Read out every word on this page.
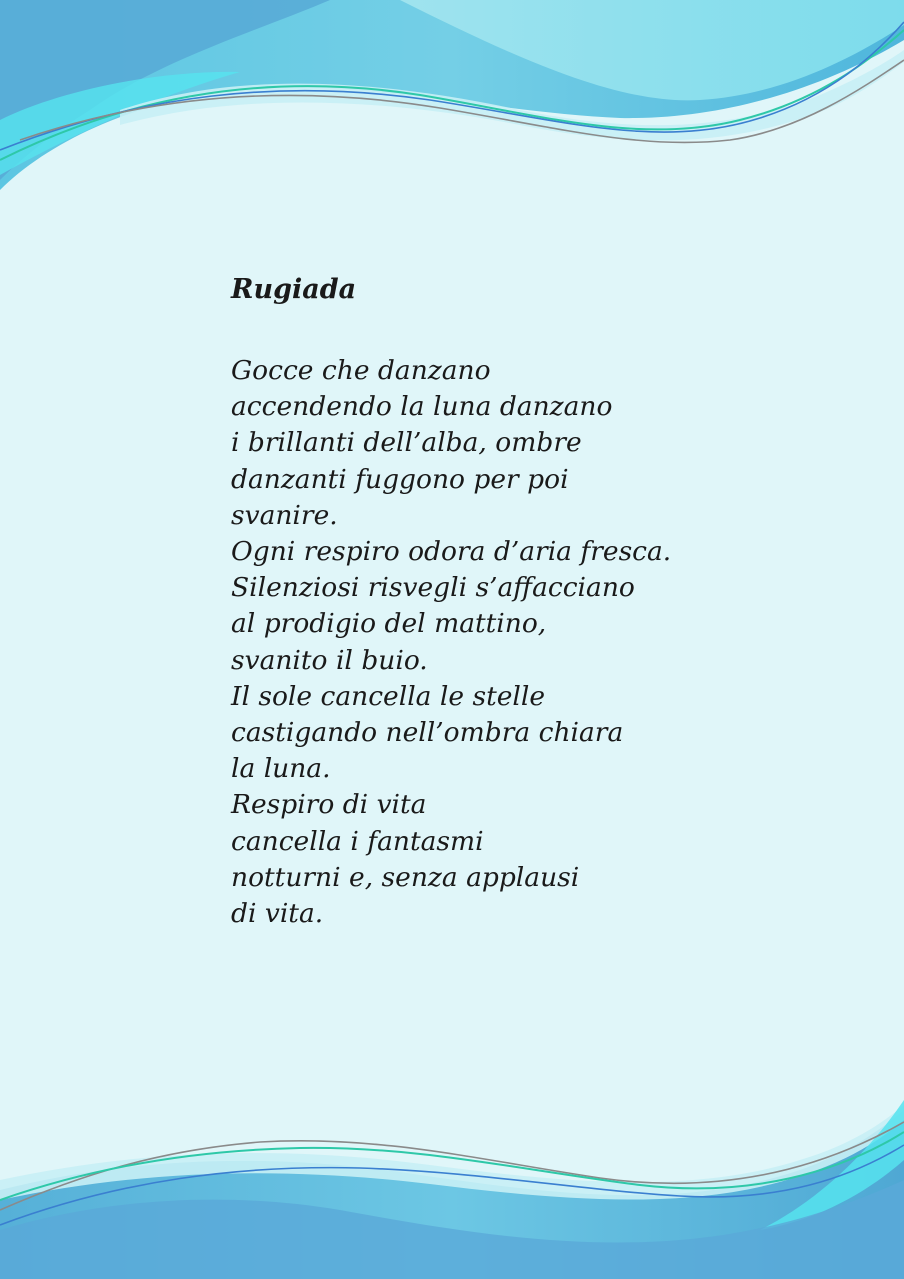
Rugiada
Gocce che danzano
accendendo la luna danzano
i brillanti dell’alba, ombre
danzanti fuggono per poi
svanire.
Ogni respiro odora d’aria fresca.
Silenziosi risvegli s’affacciano
al prodigio del mattino,
svanito il buio.
Il sole cancella le stelle
castigando nell’ombra chiara
la luna.
Respiro di vita
cancella i fantasmi
notturni e, senza applausi
di vita.
